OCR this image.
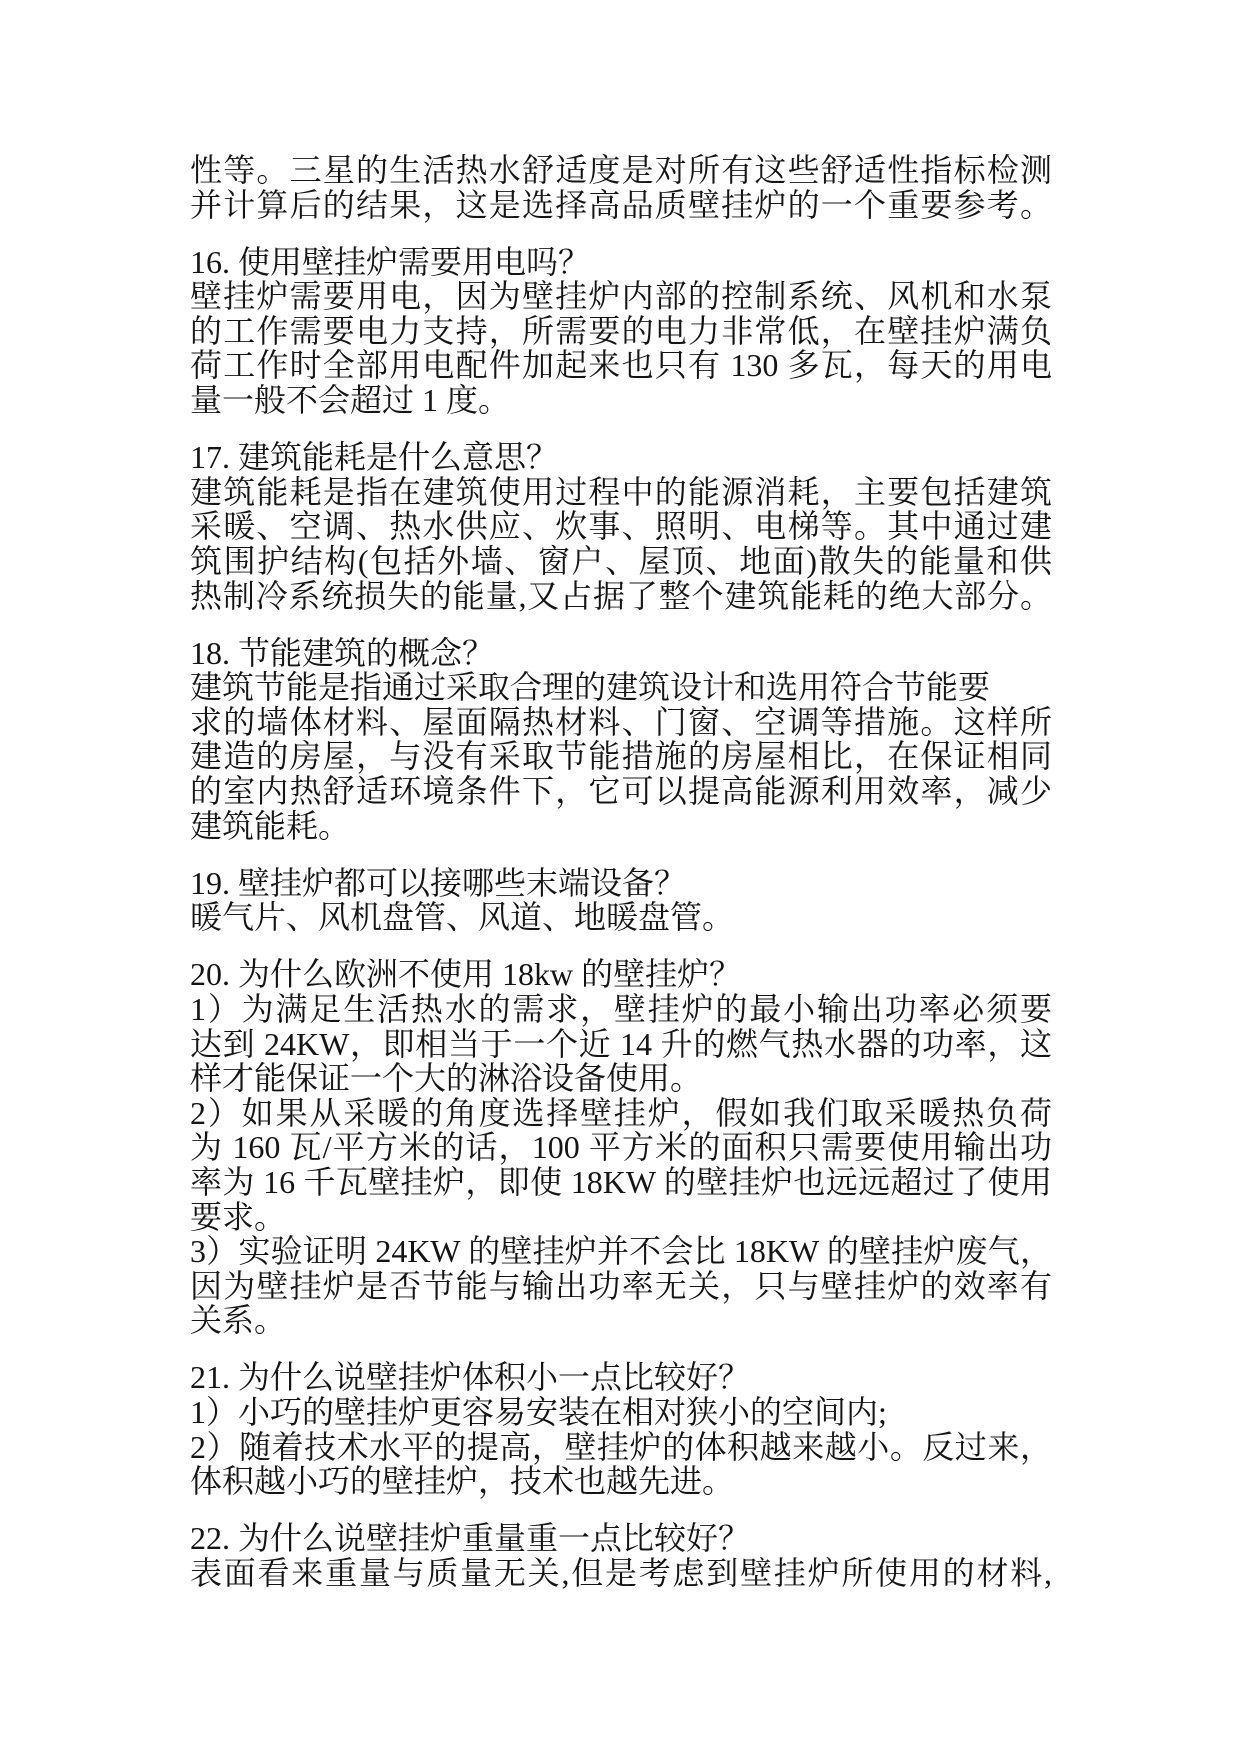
性等。三星的生活热水舒适度是对所有这些舒适性指标检测
并计算后的结果，这是选择高品质壁挂炉的一个重要参考。
16. 使用壁挂炉需要用电吗？
壁挂炉需要用电，因为壁挂炉内部的控制系统、风机和水泵
的工作需要电力支持，所需要的电力非常低，在壁挂炉满负
荷工作时全部用电配件加起来也只有 130 多瓦，每天的用电
量一般不会超过 1 度。
17. 建筑能耗是什么意思？
建筑能耗是指在建筑使用过程中的能源消耗，主要包括建筑
采暖、空调、热水供应、炊事、照明、电梯等。其中通过建
筑围护结构(包括外墙、窗户、屋顶、地面)散失的能量和供
热制冷系统损失的能量,又占据了整个建筑能耗的绝大部分。
18. 节能建筑的概念？
建筑节能是指通过采取合理的建筑设计和选用符合节能要
求的墙体材料、屋面隔热材料、门窗、空调等措施。这样所
建造的房屋，与没有采取节能措施的房屋相比，在保证相同
的室内热舒适环境条件下，它可以提高能源利用效率，减少
建筑能耗。
19. 壁挂炉都可以接哪些末端设备？
暖气片、风机盘管、风道、地暖盘管。
20. 为什么欧洲不使用 18kw 的壁挂炉？
1）为满足生活热水的需求，壁挂炉的最小输出功率必须要
达到 24KW，即相当于一个近 14 升的燃气热水器的功率，这
样才能保证一个大的淋浴设备使用。
2）如果从采暖的角度选择壁挂炉，假如我们取采暖热负荷
为 160 瓦/平方米的话，100 平方米的面积只需要使用输出功
率为 16 千瓦壁挂炉，即使 18KW 的壁挂炉也远远超过了使用
要求。
3）实验证明 24KW 的壁挂炉并不会比 18KW 的壁挂炉废气，
因为壁挂炉是否节能与输出功率无关，只与壁挂炉的效率有
关系。
21. 为什么说壁挂炉体积小一点比较好？
1）小巧的壁挂炉更容易安装在相对狭小的空间内;
2）随着技术水平的提高，壁挂炉的体积越来越小。反过来，
体积越小巧的壁挂炉，技术也越先进。
22. 为什么说壁挂炉重量重一点比较好？
表面看来重量与质量无关,但是考虑到壁挂炉所使用的材料,
